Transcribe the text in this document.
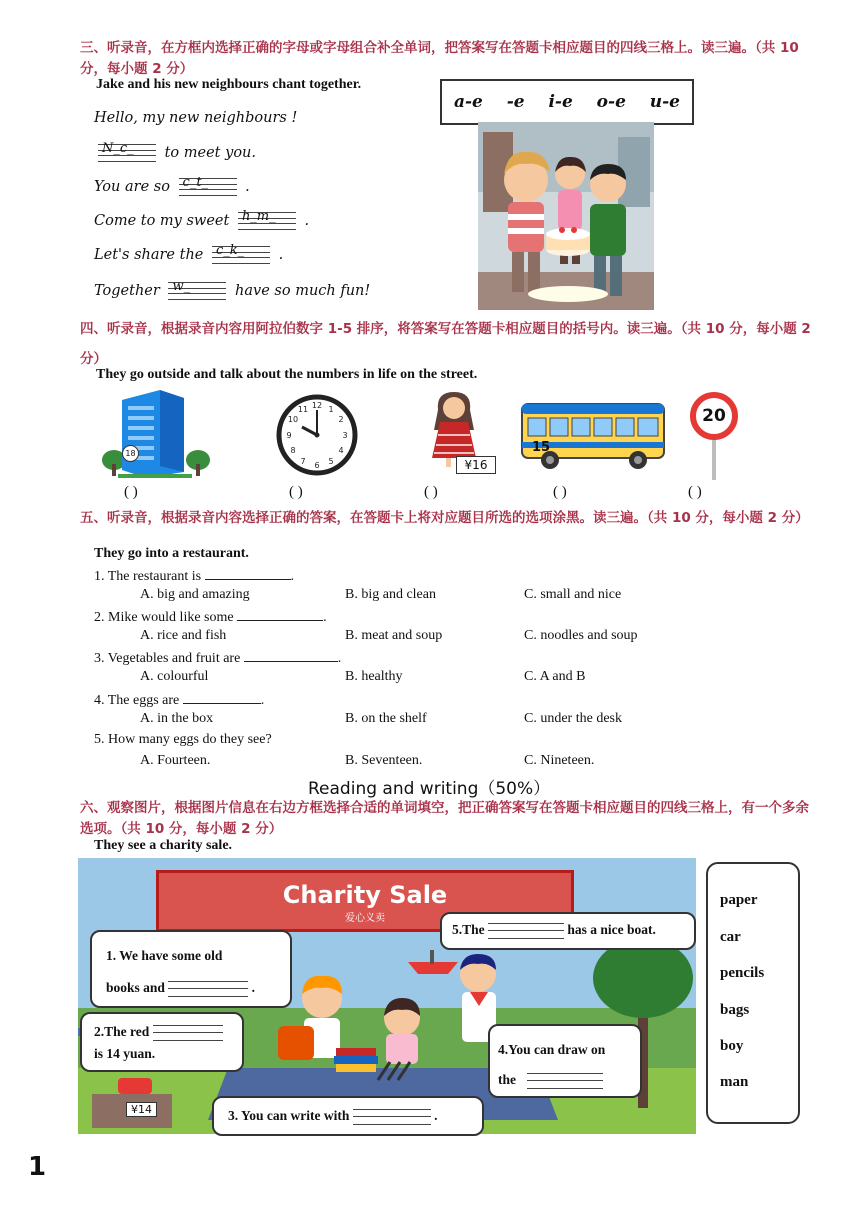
三、听录音，在方框内选择正确的字母或字母组合补全单词，把答案写在答题卡相应题目的四线三格上。读三遍。（共 10 分，每小题 2 分）
Jake and his new neighbours chant together.
a-e -e i-e o-e u-e
Hello, my new neighbours !
N_c_ to meet you.
You are so c_t_	.
Come to my sweet h_m_ .
Let's share the c_k_ .
Together w_	have so much fun!
四、听录音，根据录音内容用阿拉伯数字 1-5 排序，将答案写在答题卡相应题目的括号内。读三遍。（共 10 分，每小题 2 分）
They go outside and talk about the numbers in life on the street.
18
12 1
2
3
4
5
6
7
8
9
10
11
¥16
15
20
( )	( )	( )	( )	( )
五、听录音，根据录音内容选择正确的答案，在答题卡上将对应题目所选的选项涂黑。读三遍。（共 10 分，每小题 2 分）
They go into a restaurant.
1. The restaurant is	.
A. big and amazing	B. big and clean	C. small and nice
2. Mike would like some	.
A. rice and fish	B. meat and soup	C. noodles and soup
3. Vegetables and fruit are	.
A. colourful	B. healthy	C. A and B
4. The eggs are	.
A. in the box	B. on the shelf	C. under the desk
5. How many eggs do they see?
A. Fourteen.	B. Seventeen.	C. Nineteen.
Reading and writing（50%）
六、观察图片，根据图片信息在右边方框选择合适的单词填空，把正确答案写在答题卡相应题目的四线三格上，有一个多余选项。（共 10 分，每小题 2 分）
They see a charity sale.
Charity Sale
爱心义卖
¥14
1. We have some old
books and	.
2.The red
is 14 yuan.
3. You can write with	.
4.You can draw on
the
5.The	has a nice boat.
paper
car
pencils
bags
boy
man
1
